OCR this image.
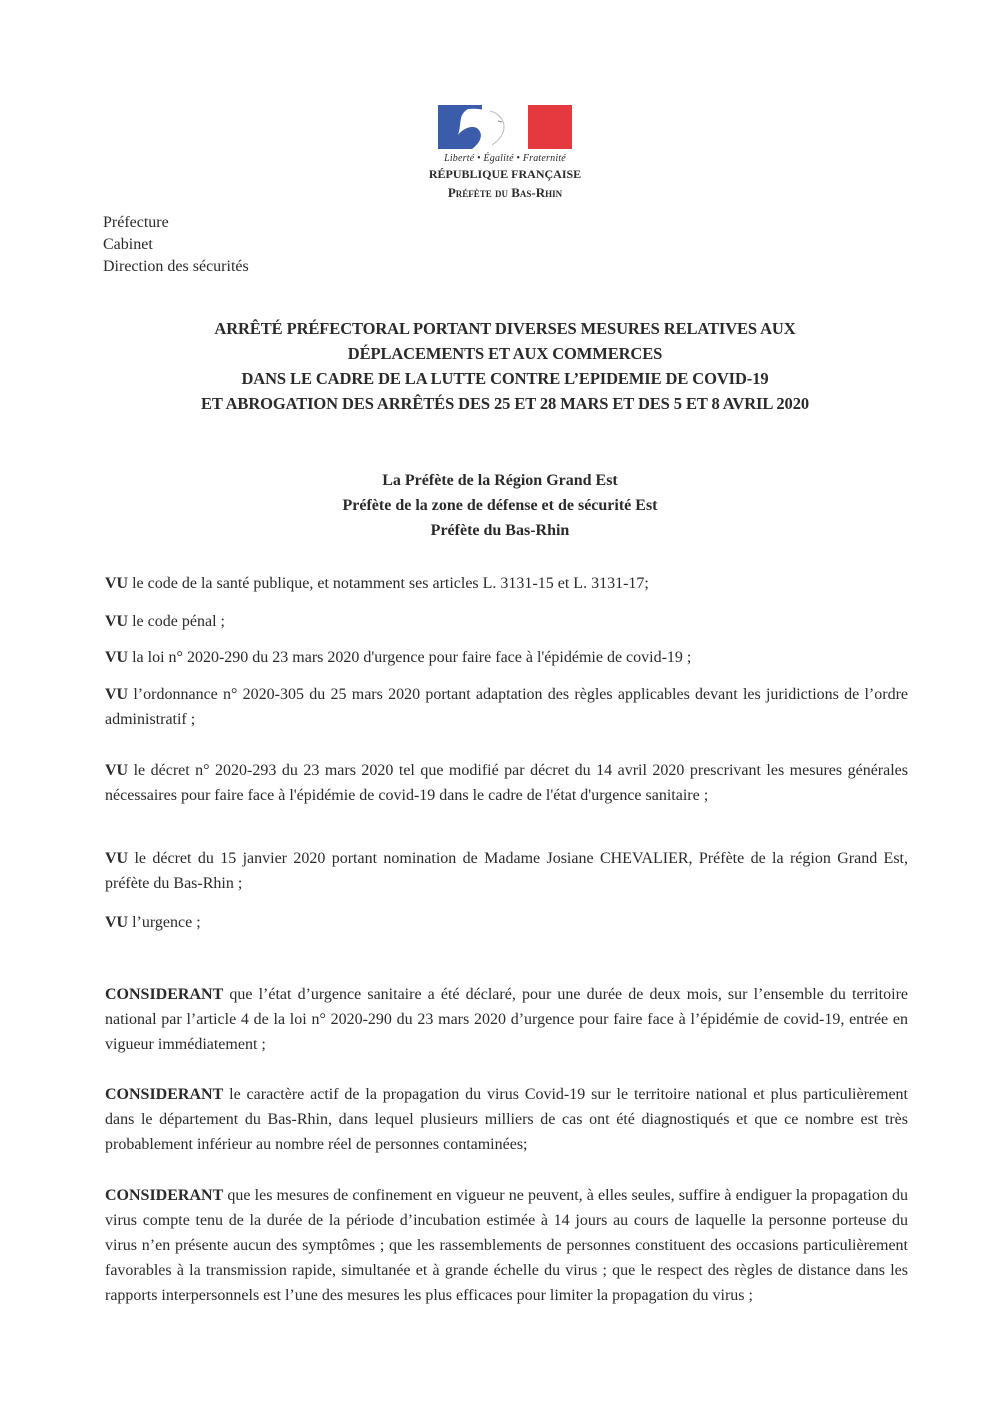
Liberté • Égalité • Fraternité
RÉPUBLIQUE FRANÇAISE
Préfète du Bas-Rhin
Préfecture
Cabinet
Direction des sécurités
ARRÊTÉ PRÉFECTORAL PORTANT DIVERSES MESURES RELATIVES AUX
DÉPLACEMENTS ET AUX COMMERCES
DANS LE CADRE DE LA LUTTE CONTRE L’EPIDEMIE DE COVID-19
ET ABROGATION DES ARRÊTÉS DES 25 ET 28 MARS ET DES 5 ET 8 AVRIL 2020
La Préfète de la Région Grand Est
Préfète de la zone de défense et de sécurité Est
Préfète du Bas-Rhin
VU le code de la santé publique, et notamment ses articles L. 3131-15 et L. 3131-17;
VU le code pénal ;
VU la loi n° 2020-290 du 23 mars 2020 d'urgence pour faire face à l'épidémie de covid-19 ;
VU l’ordonnance n° 2020-305 du 25 mars 2020 portant adaptation des règles applicables devant les juridictions de l’ordre administratif ;
VU le décret n° 2020-293 du 23 mars 2020 tel que modifié par décret du 14 avril 2020 prescrivant les mesures générales nécessaires pour faire face à l'épidémie de covid-19 dans le cadre de l'état d'urgence sanitaire ;
VU le décret du 15 janvier 2020 portant nomination de Madame Josiane CHEVALIER, Préfète de la région Grand Est, préfète du Bas-Rhin ;
VU l’urgence ;
CONSIDERANT que l’état d’urgence sanitaire a été déclaré, pour une durée de deux mois, sur l’ensemble du territoire national par l’article 4 de la loi n° 2020-290 du 23 mars 2020 d’urgence pour faire face à l’épidémie de covid-19, entrée en vigueur immédiatement ;
CONSIDERANT le caractère actif de la propagation du virus Covid-19 sur le territoire national et plus particulièrement dans le département du Bas-Rhin, dans lequel plusieurs milliers de cas ont été diagnostiqués et que ce nombre est très probablement inférieur au nombre réel de personnes contaminées;
CONSIDERANT que les mesures de confinement en vigueur ne peuvent, à elles seules, suffire à endiguer la propagation du virus compte tenu de la durée de la période d’incubation estimée à 14 jours au cours de laquelle la personne porteuse du virus n’en présente aucun des symptômes ; que les rassemblements de personnes constituent des occasions particulièrement favorables à la transmission rapide, simultanée et à grande échelle du virus ; que le respect des règles de distance dans les rapports interpersonnels est l’une des mesures les plus efficaces pour limiter la propagation du virus ;
